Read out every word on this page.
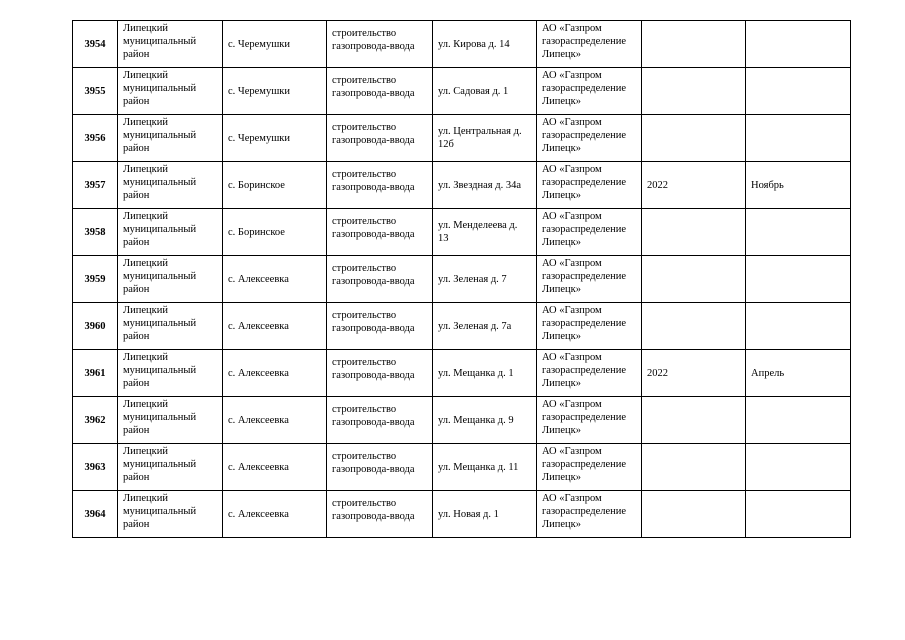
3954	Липецкий
муниципальный
район	с. Черемушки	строительство
газопровода-ввода	ул. Кирова д. 14	АО «Газпром
газораспределение
Липецк»		

3955	Липецкий
муниципальный
район	с. Черемушки	строительство
газопровода-ввода	ул. Садовая д. 1	АО «Газпром
газораспределение
Липецк»		

3956	Липецкий
муниципальный
район	с. Черемушки	строительство
газопровода-ввода	ул. Центральная д.
12б	АО «Газпром
газораспределение
Липецк»		

3957	Липецкий
муниципальный
район	с. Боринское	строительство
газопровода-ввода	ул. Звездная д. 34а	АО «Газпром
газораспределение
Липецк»	2022	Ноябрь
3958	Липецкий
муниципальный
район	с. Боринское	строительство
газопровода-ввода	ул. Менделеева д.
13	АО «Газпром
газораспределение
Липецк»		

3959	Липецкий
муниципальный
район	с. Алексеевка	строительство
газопровода-ввода	ул. Зеленая д. 7	АО «Газпром
газораспределение
Липецк»		

3960	Липецкий
муниципальный
район	с. Алексеевка	строительство
газопровода-ввода	ул. Зеленая д. 7а	АО «Газпром
газораспределение
Липецк»		

3961	Липецкий
муниципальный
район	с. Алексеевка	строительство
газопровода-ввода	ул. Мещанка д. 1	АО «Газпром
газораспределение
Липецк»	2022	Апрель
3962	Липецкий
муниципальный
район	с. Алексеевка	строительство
газопровода-ввода	ул. Мещанка д. 9	АО «Газпром
газораспределение
Липецк»		

3963	Липецкий
муниципальный
район	с. Алексеевка	строительство
газопровода-ввода	ул. Мещанка д. 11	АО «Газпром
газораспределение
Липецк»		

3964	Липецкий
муниципальный
район	с. Алексеевка	строительство
газопровода-ввода	ул. Новая д. 1	АО «Газпром
газораспределение
Липецк»		
